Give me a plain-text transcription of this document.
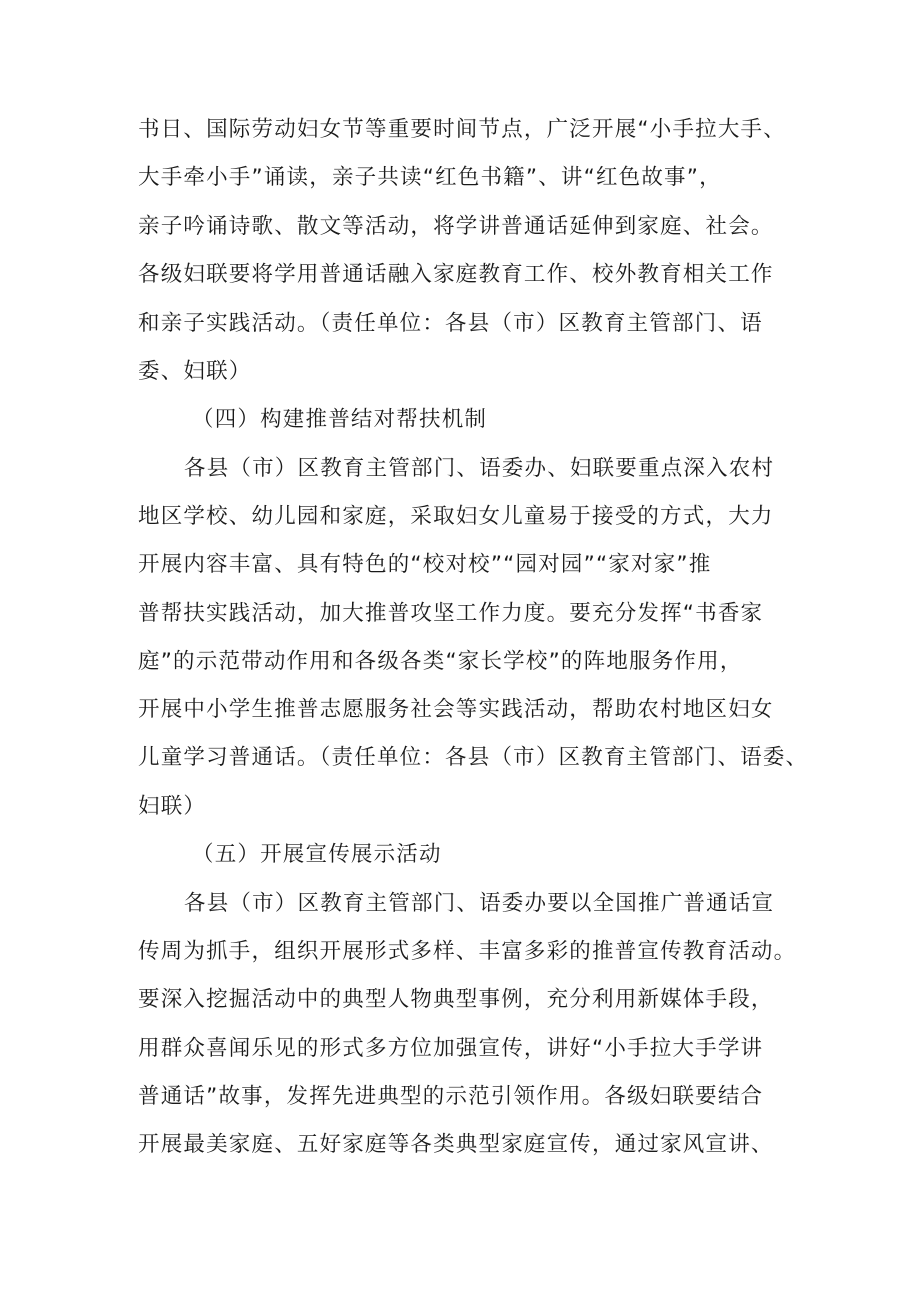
书日、国际劳动妇女节等重要时间节点，广泛开展“小手拉大手、
大手牵小手”诵读，亲子共读“红色书籍”、讲“红色故事”，
亲子吟诵诗歌、散文等活动，将学讲普通话延伸到家庭、社会。
各级妇联要将学用普通话融入家庭教育工作、校外教育相关工作
和亲子实践活动。（责任单位：各县（市）区教育主管部门、语
委、妇联）
（四）构建推普结对帮扶机制
各县（市）区教育主管部门、语委办、妇联要重点深入农村
地区学校、幼儿园和家庭，采取妇女儿童易于接受的方式，大力
开展内容丰富、具有特色的“校对校”“园对园”“家对家”推
普帮扶实践活动，加大推普攻坚工作力度。要充分发挥“书香家
庭”的示范带动作用和各级各类“家长学校”的阵地服务作用，
开展中小学生推普志愿服务社会等实践活动，帮助农村地区妇女
儿童学习普通话。（责任单位：各县（市）区教育主管部门、语委、
妇联）
（五）开展宣传展示活动
各县（市）区教育主管部门、语委办要以全国推广普通话宣
传周为抓手，组织开展形式多样、丰富多彩的推普宣传教育活动。
要深入挖掘活动中的典型人物典型事例，充分利用新媒体手段，
用群众喜闻乐见的形式多方位加强宣传，讲好“小手拉大手学讲
普通话”故事，发挥先进典型的示范引领作用。各级妇联要结合
开展最美家庭、五好家庭等各类典型家庭宣传，通过家风宣讲、
